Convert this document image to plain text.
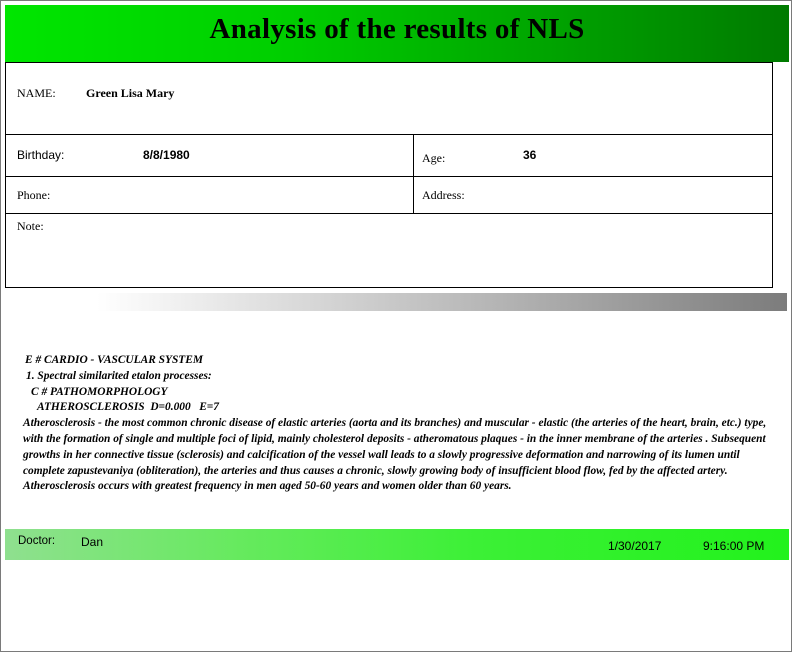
Analysis of the results of NLS
NAME:	Green Lisa Mary
Birthday:	8/8/1980	Age:	36
Phone:	Address:
Note:
E # CARDIO - VASCULAR SYSTEM
1. Spectral similarited etalon processes:
C # PATHOMORPHOLOGY
ATHEROSCLEROSIS  D=0.000   E=7
Atherosclerosis - the most common chronic disease of elastic arteries (aorta and its branches) and muscular - elastic (the arteries of the heart, brain, etc.) type, with the formation of single and multiple foci of lipid, mainly cholesterol deposits - atheromatous plaques - in the inner membrane of the arteries . Subsequent growths in her connective tissue (sclerosis) and calcification of the vessel wall leads to a slowly progressive deformation and narrowing of its lumen until complete zapustevaniya (obliteration), the arteries and thus causes a chronic, slowly growing body of insufficient blood flow, fed by the affected artery. Atherosclerosis occurs with greatest frequency in men aged 50-60 years and women older than 60 years.
Doctor: Dan	1/30/2017	9:16:00 PM
